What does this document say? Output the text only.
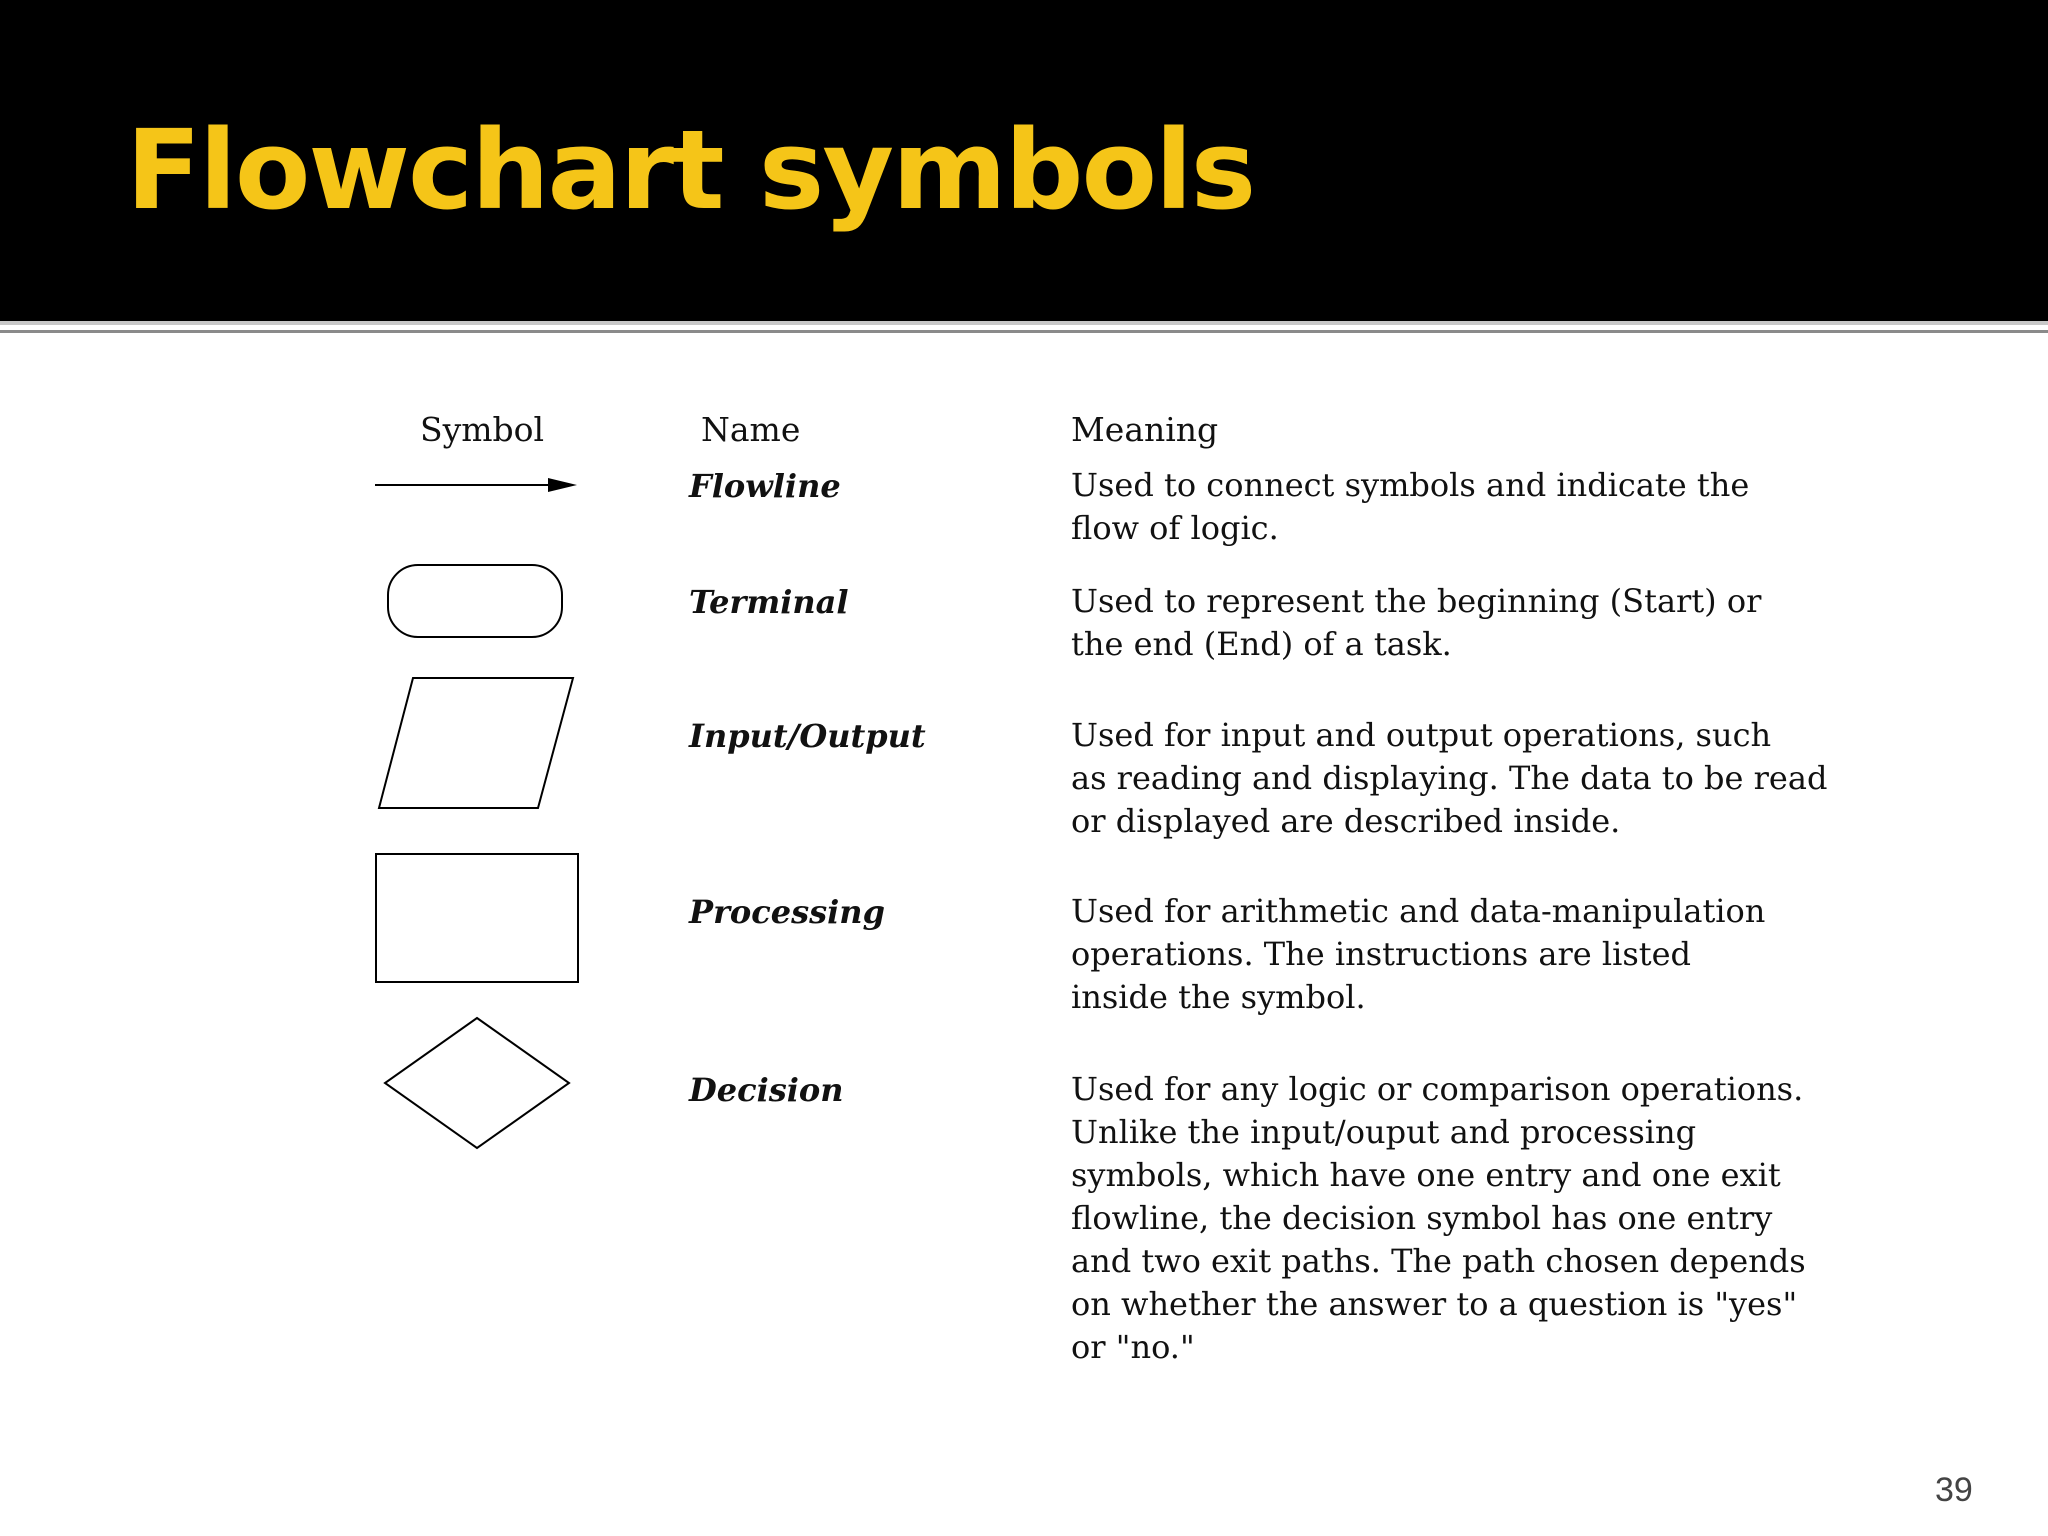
Flowchart symbols
Symbol	Name	Meaning
Flowline	Used to connect symbols and indicate the
flow of logic.
Terminal	Used to represent the beginning (Start) or
the end (End) of a task.
Input/Output	Used for input and output operations, such
as reading and displaying. The data to be read
or displayed are described inside.
Processing	Used for arithmetic and data-manipulation
operations. The instructions are listed
inside the symbol.
Decision	Used for any logic or comparison operations.
Unlike the input/ouput and processing
symbols, which have one entry and one exit
flowline, the decision symbol has one entry
and two exit paths. The path chosen depends
on whether the answer to a question is "yes"
or "no."
39
